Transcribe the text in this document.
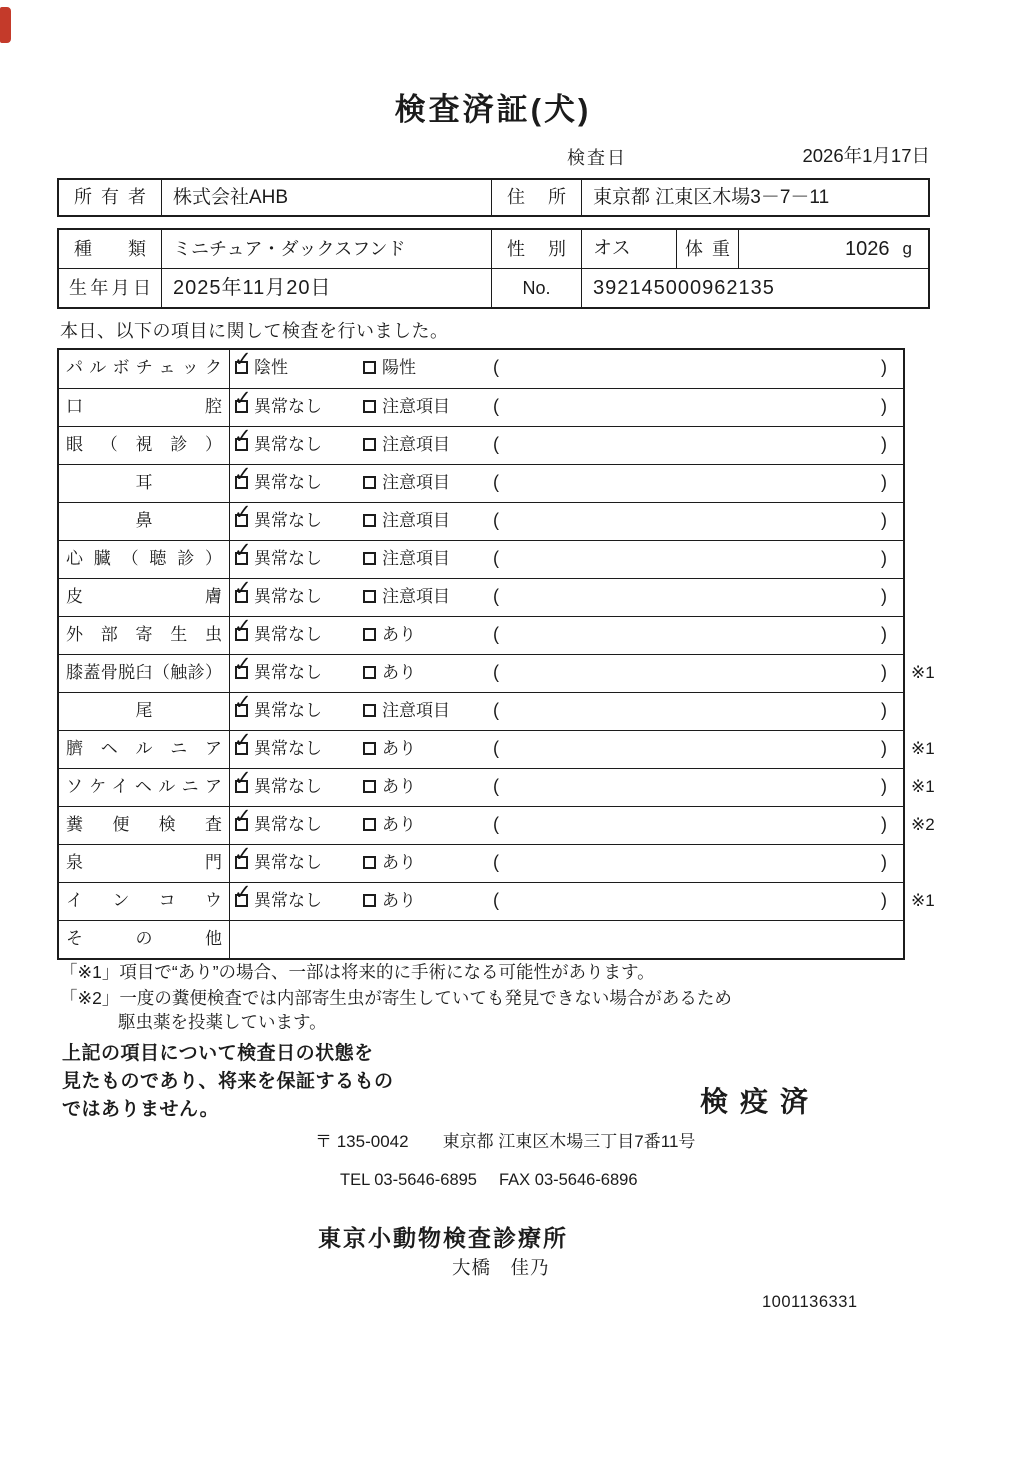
検査済証(犬)
検査日	2026年1月17日
所有者	株式会社AHB	住所	東京都 江東区木場3－7－11
種類	ミニチュア・ダックスフンド	性別	オス	体重	1026 g
生年月日	2025年11月20日	No.	392145000962135
本日、以下の項目に関して検査を行いました。
パルボチェック ✓ 陰性	陽性	(	)
口腔 ✓ 異常なし	注意項目 (	)
眼（視診） ✓ 異常なし	注意項目 (	)
耳	✓ 異常なし	注意項目 (	)
鼻	✓ 異常なし	注意項目 (	)
心臓（聴診） ✓ 異常なし	注意項目 (	)
皮膚 ✓ 異常なし	注意項目 (	)
外部寄生虫 ✓ 異常なし	あり	(	)
膝蓋骨脱臼（触診） ✓ 異常なし	あり	(	) ※1
尾	✓ 異常なし	注意項目 (	)
臍ヘルニア ✓ 異常なし	あり	(	) ※1
ソケイヘルニア ✓ 異常なし	あり	(	) ※1
糞便検査 ✓ 異常なし	あり	(	) ※2
泉門 ✓ 異常なし	あり	(	)
インコウ ✓ 異常なし	あり	(	) ※1
その他
「※1」項目で“あり”の場合、一部は将来的に手術になる可能性があります。
「※2」一度の糞便検査では内部寄生虫が寄生していても発見できない場合があるため
駆虫薬を投薬しています。
上記の項目について検査日の状態を
見たものであり、将来を保証するもの
ではありません。	検疫済
〒 135-0042 東京都 江東区木場三丁目7番11号
TEL 03-5646-6895 FAX 03-5646-6896
東京小動物検査診療所
大橋　佳乃
1001136331
